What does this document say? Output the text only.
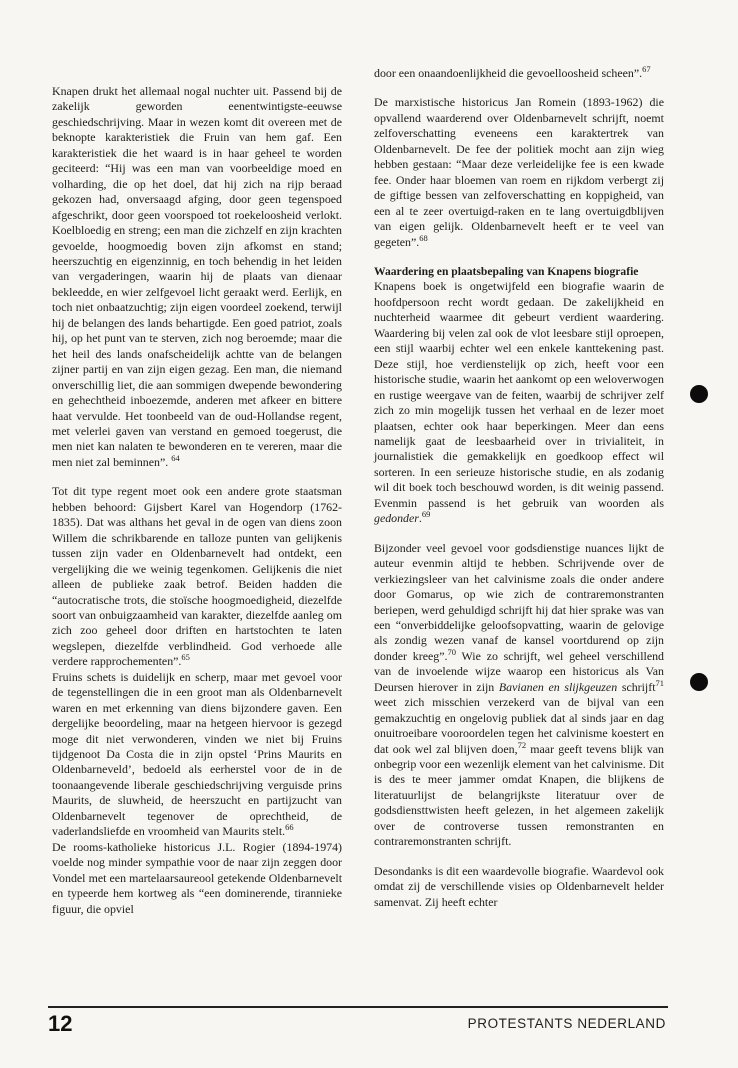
Knapen drukt het allemaal nogal nuchter uit. Passend bij de zakelijk geworden eenentwintigste-eeuwse geschiedschrijving. Maar in wezen komt dit overeen met de beknopte karakteristiek die Fruin van hem gaf. Een karakteristiek die het waard is in haar geheel te worden geciteerd: “Hij was een man van voorbeeldige moed en volharding, die op het doel, dat hij zich na rijp beraad gekozen had, onversaagd afging, door geen tegenspoed afgeschrikt, door geen voorspoed tot roekeloosheid verlokt. Koelbloedig en streng; een man die zichzelf en zijn krachten gevoelde, hoogmoedig boven zijn afkomst en stand; heerszuchtig en eigenzinnig, en toch behendig in het leiden van vergaderingen, waarin hij de plaats van dienaar bekleedde, en wier zelfgevoel licht geraakt werd. Eerlijk, en toch niet onbaatzuchtig; zijn eigen voordeel zoekend, terwijl hij de belangen des lands behartigde. Een goed patriot, zoals hij, op het punt van te sterven, zich nog beroemde; maar die het heil des lands onafscheidelijk achtte van de belangen zijner partij en van zijn eigen gezag. Een man, die niemand onverschillig liet, die aan sommigen dwepende bewondering en gehechtheid inboezemde, anderen met afkeer en bittere haat vervulde. Het toonbeeld van de oud-Hollandse regent, met velerlei gaven van verstand en gemoed toegerust, die men niet kan nalaten te bewonderen en te vereren, maar die men niet zal beminnen”. $^{64}$

Tot dit type regent moet ook een andere grote staatsman hebben behoord: Gijsbert Karel van Hogendorp (1762-1835). Dat was althans het geval in de ogen van diens zoon Willem die schrikbarende en talloze punten van gelijkenis tussen zijn vader en Oldenbarnevelt had ontdekt, een vergelijking die we weinig tegenkomen. Gelijkenis die niet alleen de publieke zaak betrof. Beiden hadden die “autocratische trots, die stoïsche hoogmoedigheid, diezelfde soort van onbuigzaamheid van karakter, diezelfde aanleg om zich zoo geheel door driften en hartstochten te laten wegslepen, diezelfde verblindheid. God verhoede alle verdere rapprochementen”.$^{65}$

Fruins schets is duidelijk en scherp, maar met gevoel voor de tegenstellingen die in een groot man als Oldenbarnevelt waren en met erkenning van diens bijzondere gaven. Een dergelijke beoordeling, maar na hetgeen hiervoor is gezegd moge dit niet verwonderen, vinden we niet bij Fruins tijdgenoot Da Costa die in zijn opstel ‘Prins Maurits en Oldenbarneveld’, bedoeld als eerherstel voor de in de toonaangevende liberale geschiedschrijving verguisde prins Maurits, de sluwheid, de heerszucht en partijzucht van Oldenbarnevelt tegenover de oprechtheid, de vaderlandsliefde en vroomheid van Maurits stelt.$^{66}$

De rooms-katholieke historicus J.L. Rogier (1894-1974) voelde nog minder sympathie voor de naar zijn zeggen door Vondel met een martelaarsaureool getekende Oldenbarnevelt en typeerde hem kortweg als “een dominerende, tirannieke figuur, die opviel

door een onaandoenlijkheid die gevoelloosheid scheen”.$^{67}$

De marxistische historicus Jan Romein (1893-1962) die opvallend waarderend over Oldenbarnevelt schrijft, noemt zelfoverschatting eveneens een karaktertrek van Oldenbarnevelt. De fee der politiek mocht aan zijn wieg hebben gestaan: “Maar deze verleidelijke fee is een kwade fee. Onder haar bloemen van roem en rijkdom verbergt zij de giftige bessen van zelfoverschatting en koppigheid, van een al te zeer overtuigd-raken en te lang overtuigdblijven van eigen gelijk. Oldenbarnevelt heeft er te veel van gegeten”.$^{68}$

Waardering en plaatsbepaling van Knapens biografie

Knapens boek is ongetwijfeld een biografie waarin de hoofdpersoon recht wordt gedaan. De zakelijkheid en nuchterheid waarmee dit gebeurt verdient waardering. Waardering bij velen zal ook de vlot leesbare stijl oproepen, een stijl waarbij echter wel een enkele kanttekening past. Deze stijl, hoe verdienstelijk op zich, heeft voor een historische studie, waarin het aankomt op een weloverwogen en rustige weergave van de feiten, waarbij de schrijver zelf zich zo min mogelijk tussen het verhaal en de lezer moet plaatsen, echter ook haar beperkingen. Meer dan eens namelijk gaat de leesbaarheid over in trivialiteit, in journalistiek die gemakkelijk en goedkoop effect wil sorteren. In een serieuze historische studie, en als zodanig wil dit boek toch beschouwd worden, is dit weinig passend. Evenmin passend is het gebruik van woorden als gedonder.$^{69}$

Bijzonder veel gevoel voor godsdienstige nuances lijkt de auteur evenmin altijd te hebben. Schrijvende over de verkiezingsleer van het calvinisme zoals die onder andere door Gomarus, op wie zich de contraremonstranten beriepen, werd gehuldigd schrijft hij dat hier sprake was van een “onverbiddelijke geloofsopvatting, waarin de gelovige als zondig wezen vanaf de kansel voortdurend op zijn donder kreeg”.$^{70}$ Wie zo schrijft, wel geheel verschillend van de invoelende wijze waarop een historicus als Van Deursen hierover in zijn Bavianen en slijkgeuzen schrijft$^{71}$ weet zich misschien verzekerd van de bijval van een gemakzuchtig en ongelovig publiek dat al sinds jaar en dag onuitroeibare vooroordelen tegen het calvinisme koestert en dat ook wel zal blijven doen,$^{72}$ maar geeft tevens blijk van onbegrip voor een wezenlijk element van het calvinisme. Dit is des te meer jammer omdat Knapen, die blijkens de literatuurlijst de belangrijkste literatuur over de godsdiensttwisten heeft gelezen, in het algemeen zakelijk over de controverse tussen remonstranten en contraremonstranten schrijft.

Desondanks is dit een waardevolle biografie. Waardevol ook omdat zij de verschillende visies op Oldenbarnevelt helder samenvat. Zij heeft echter

12	PROTESTANTS NEDERLAND
